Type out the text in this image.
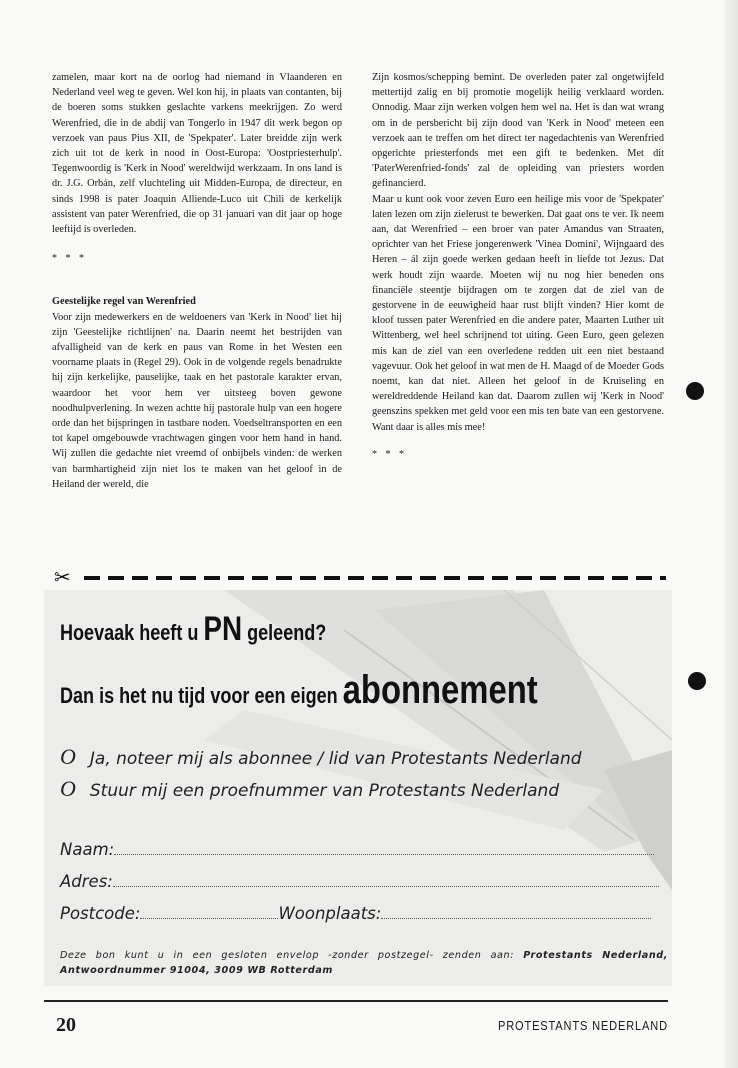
zamelen, maar kort na de oorlog had niemand in Vlaanderen en Nederland veel weg te geven. Wel kon hij, in plaats van contanten, bij de boeren soms stukken geslachte varkens meekrijgen. Zo werd Werenfried, die in de abdij van Tongerlo in 1947 dit werk begon op verzoek van paus Pius XII, de 'Spekpater'. Later breidde zijn werk zich uit tot de kerk in nood in Oost-Europa: 'Oostpriesterhulp'. Tegenwoordig is 'Kerk in Nood' wereldwijd werkzaam. In ons land is dr. J.G. Orbán, zelf vluchteling uit Midden-Europa, de directeur, en sinds 1998 is pater Joaquin Alliende-Luco uit Chili de kerkelijk assistent van pater Werenfried, die op 31 januari van dit jaar op hoge leeftijd is overleden.

* * *

Geestelijke regel van Werenfried

Voor zijn medewerkers en de weldoeners van 'Kerk in Nood' liet hij zijn 'Geestelijke richtlijnen' na. Daarin neemt het bestrijden van afvalligheid van de kerk en paus van Rome in het Westen een voorname plaats in (Regel 29). Ook in de volgende regels benadrukte hij zijn kerkelijke, pauselijke, taak en het pastorale karakter ervan, waardoor het voor hem ver uitsteeg boven gewone noodhulpverlening. In wezen achtte hij pastorale hulp van een hogere orde dan het bijspringen in tastbare noden. Voedseltransporten en een tot kapel omgebouwde vrachtwagen gingen voor hem hand in hand. Wij zullen die gedachte niet vreemd of onbijbels vinden: de werken van barmhartigheid zijn niet los te maken van het geloof in de Heiland der wereld, die

Zijn kosmos/schepping bemint. De overleden pater zal ongetwijfeld mettertijd zalig en bij promotie mogelijk heilig verklaard worden. Onnodig. Maar zijn werken volgen hem wel na. Het is dan wat wrang om in de persbericht bij zijn dood van 'Kerk in Nood' meteen een verzoek aan te treffen om het direct ter nagedachtenis van Werenfried opgerichte priesterfonds met een gift te bedenken. Met dit 'PaterWerenfried-fonds' zal de opleiding van priesters worden gefinancierd.

Maar u kunt ook voor zeven Euro een heilige mis voor de 'Spekpater' laten lezen om zijn zielerust te bewerken. Dat gaat ons te ver. Ik neem aan, dat Werenfried – een broer van pater Amandus van Straaten, oprichter van het Friese jongerenwerk 'Vinea Domini', Wijngaard des Heren – ál zijn goede werken gedaan heeft in liefde tot Jezus. Dat werk houdt zijn waarde. Moeten wij nu nog hier beneden ons financiële steentje bijdragen om te zorgen dat de ziel van de gestorvene in de eeuwigheid haar rust blijft vinden? Hier komt de kloof tussen pater Werenfried en die andere pater, Maarten Luther uit Wittenberg, wel heel schrijnend tot uiting. Geen Euro, geen gelezen mis kan de ziel van een overledene redden uit een niet bestaand vagevuur. Ook het geloof in wat men de H. Maagd of de Moeder Gods noemt, kan dat niet. Alleen het geloof in de Kruiseling en wereldreddende Heiland kan dat. Daarom zullen wij 'Kerk in Nood' geenszins spekken met geld voor een mis ten bate van een gestorvene. Want daar is alles mis mee!

* * *

✂
Hoevaak heeft u PN geleend?
Dan is het nu tijd voor een eigen abonnement
O Ja, noteer mij als abonnee / lid van Protestants Nederland
O Stuur mij een proefnummer van Protestants Nederland
Naam:
Adres:
Postcode:	Woonplaats:
Deze bon kunt u in een gesloten envelop -zonder postzegel- zenden aan: Protestants Nederland, Antwoordnummer 91004, 3009 WB Rotterdam
20	PROTESTANTS NEDERLAND
